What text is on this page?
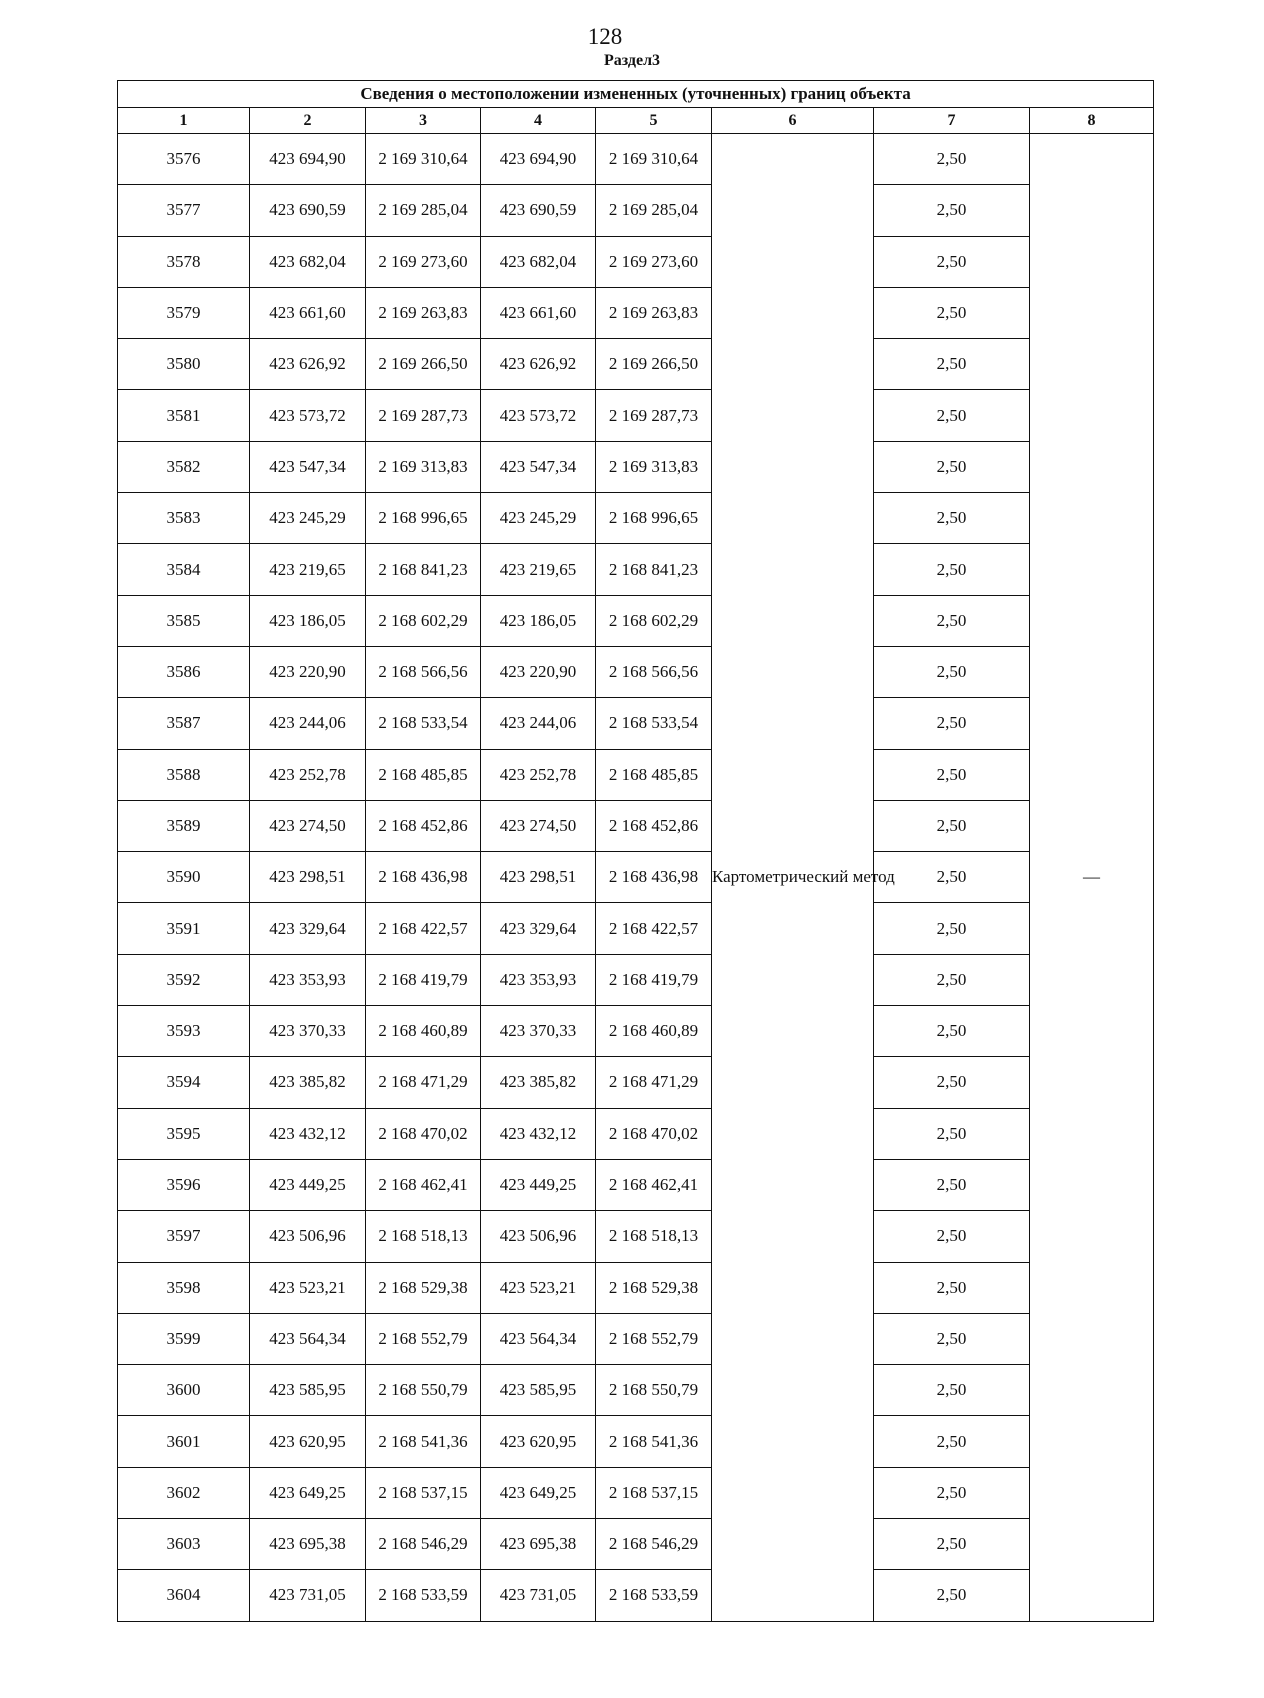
128
Раздел3
Сведения о местоположении измененных (уточненных) границ объекта							
1	2	3	4	5	6	7	8
3576	423 694,90	2 169 310,64	423 694,90	2 169 310,64	Картометрический метод	2,50	—
3577	423 690,59	2 169 285,04	423 690,59	2 169 285,04		2,50	
3578	423 682,04	2 169 273,60	423 682,04	2 169 273,60		2,50	
3579	423 661,60	2 169 263,83	423 661,60	2 169 263,83		2,50	
3580	423 626,92	2 169 266,50	423 626,92	2 169 266,50		2,50	
3581	423 573,72	2 169 287,73	423 573,72	2 169 287,73		2,50	
3582	423 547,34	2 169 313,83	423 547,34	2 169 313,83		2,50	
3583	423 245,29	2 168 996,65	423 245,29	2 168 996,65		2,50	
3584	423 219,65	2 168 841,23	423 219,65	2 168 841,23		2,50	
3585	423 186,05	2 168 602,29	423 186,05	2 168 602,29		2,50	
3586	423 220,90	2 168 566,56	423 220,90	2 168 566,56		2,50	
3587	423 244,06	2 168 533,54	423 244,06	2 168 533,54		2,50	
3588	423 252,78	2 168 485,85	423 252,78	2 168 485,85		2,50	
3589	423 274,50	2 168 452,86	423 274,50	2 168 452,86		2,50	
3590	423 298,51	2 168 436,98	423 298,51	2 168 436,98		2,50	
3591	423 329,64	2 168 422,57	423 329,64	2 168 422,57		2,50	
3592	423 353,93	2 168 419,79	423 353,93	2 168 419,79		2,50	
3593	423 370,33	2 168 460,89	423 370,33	2 168 460,89		2,50	
3594	423 385,82	2 168 471,29	423 385,82	2 168 471,29		2,50	
3595	423 432,12	2 168 470,02	423 432,12	2 168 470,02		2,50	
3596	423 449,25	2 168 462,41	423 449,25	2 168 462,41		2,50	
3597	423 506,96	2 168 518,13	423 506,96	2 168 518,13		2,50	
3598	423 523,21	2 168 529,38	423 523,21	2 168 529,38		2,50	
3599	423 564,34	2 168 552,79	423 564,34	2 168 552,79		2,50	
3600	423 585,95	2 168 550,79	423 585,95	2 168 550,79		2,50	
3601	423 620,95	2 168 541,36	423 620,95	2 168 541,36		2,50	
3602	423 649,25	2 168 537,15	423 649,25	2 168 537,15		2,50	
3603	423 695,38	2 168 546,29	423 695,38	2 168 546,29		2,50	
3604	423 731,05	2 168 533,59	423 731,05	2 168 533,59		2,50	
